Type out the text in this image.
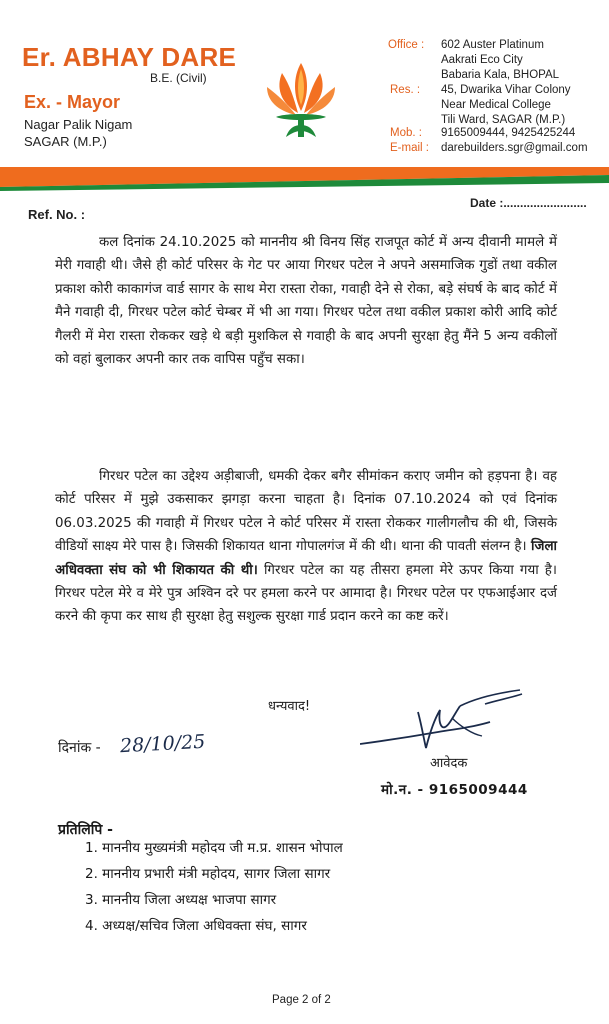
Er. ABHAY DARE
B.E. (Civil)
Ex. - Mayor
Nagar Palik Nigam
SAGAR (M.P.)
Office : 602 Auster Platinum
Aakrati Eco City
Babaria Kala, BHOPAL
Res. : 45, Dwarika Vihar Colony
Near Medical College
Tili Ward, SAGAR (M.P.)
Mob. : 9165009444, 9425425244
E-mail : darebuilders.sgr@gmail.com
Ref. No. :
Date :.........................

कल दिनांक 24.10.2025 को माननीय श्री विनय सिंह राजपूत कोर्ट में अन्य दीवानी मामले में मेरी गवाही थी। जैसे ही कोर्ट परिसर के गेट पर आया गिरधर पटेल ने अपने असमाजिक गुडों तथा वकील प्रकाश कोरी काकागंज वार्ड सागर के साथ मेरा रास्ता रोका, गवाही देने से रोका, बड़े संघर्ष के बाद कोर्ट में मैने गवाही दी, गिरधर पटेल कोर्ट चेम्बर में भी आ गया। गिरधर पटेल तथा वकील प्रकाश कोरी आदि कोर्ट गैलरी में मेरा रास्ता रोककर खड़े थे बड़ी मुशकिल से गवाही के बाद अपनी सुरक्षा हेतु मैंने 5 अन्य वकीलों को वहां बुलाकर अपनी कार तक वापिस पहुँच सका।

गिरधर पटेल का उद्देश्य अड़ीबाजी, धमकी देकर बगैर सीमांकन कराए जमीन को हड़पना है। वह कोर्ट परिसर में मुझे उकसाकर झगड़ा करना चाहता है। दिनांक 07.10.2024 को एवं दिनांक 06.03.2025 की गवाही में गिरधर पटेल ने कोर्ट परिसर में रास्ता रोककर गालीगलौच की थी, जिसके वीडियों साक्ष्य मेरे पास है। जिसकी शिकायत थाना गोपालगंज में की थी। थाना की पावती संलग्न है। जिला अधिवक्ता संघ को भी शिकायत की थी। गिरधर पटेल का यह तीसरा हमला मेरे ऊपर किया गया है। गिरधर पटेल मेरे व मेरे पुत्र अश्विन दरे पर हमला करने पर आमादा है। गिरधर पटेल पर एफआईआर दर्ज करने की कृपा कर साथ ही सुरक्षा हेतु सशुल्क सुरक्षा गार्ड प्रदान करने का कष्ट करें।

धन्यवाद!
दिनांक - 28/10/25
आवेदक
मो.न. - 9165009444
प्रतिलिपि -
1. माननीय मुख्यमंत्री महोदय जी म.प्र. शासन भोपाल
2. माननीय प्रभारी मंत्री महोदय, सागर जिला सागर
3. माननीय जिला अध्यक्ष भाजपा सागर
4. अध्यक्ष/सचिव जिला अधिवक्ता संघ, सागर
Page 2 of 2
